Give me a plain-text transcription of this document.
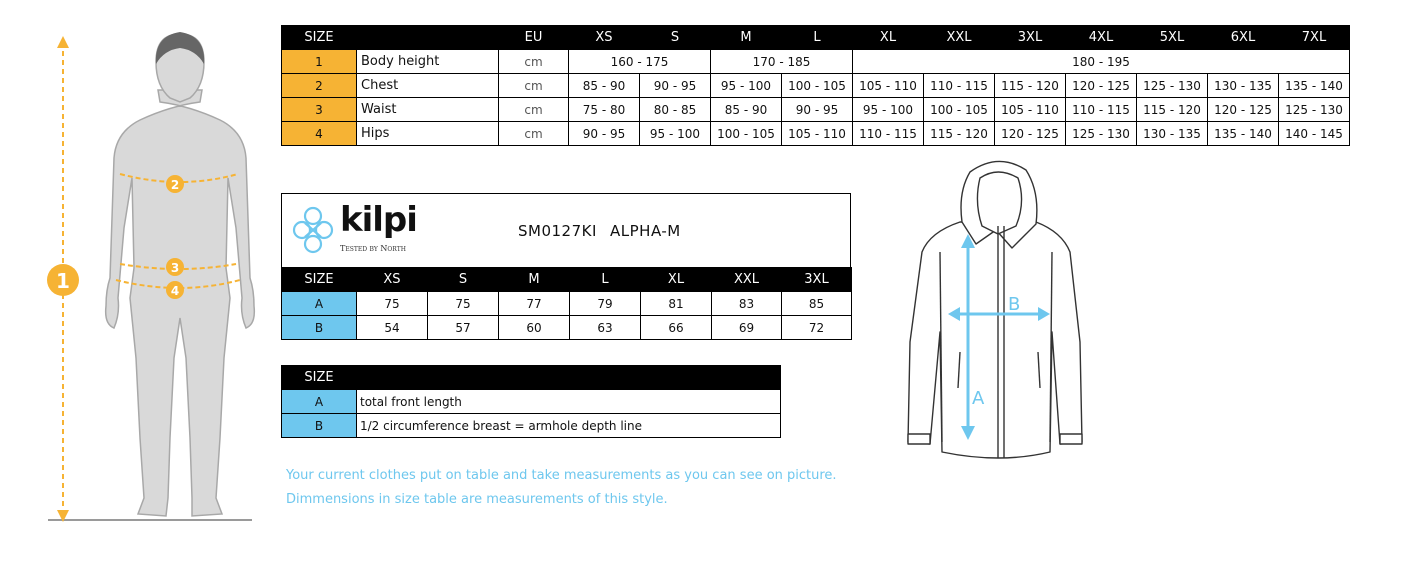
1
2
3
4
SIZE		EU	XS	S	M	L	XL	XXL	3XL	4XL	5XL	6XL	7XL
1	Body height	cm	160 - 175		170 - 185		180 - 195						
2	Chest	cm	85 - 90	90 - 95	95 - 100	100 - 105	105 - 110	110 - 115	115 - 120	120 - 125	125 - 130	130 - 135	135 - 140
3	Waist	cm	75 - 80	80 - 85	85 - 90	90 - 95	95 - 100	100 - 105	105 - 110	110 - 115	115 - 120	120 - 125	125 - 130
4	Hips	cm	90 - 95	95 - 100	100 - 105	105 - 110	110 - 115	115 - 120	120 - 125	125 - 130	130 - 135	135 - 140	140 - 145
kilpi
Tested by North
SM0127KI ALPHA-M
SIZE	XS	S	M	L	XL	XXL	3XL
A	75	75	77	79	81	83	85
B	54	57	60	63	66	69	72
SIZE	
A	total front length
B	1/2 circumference breast = armhole depth line
Your current clothes put on table and take measurements as you can see on picture.
Dimmensions in size table are measurements of this style.
A
B
